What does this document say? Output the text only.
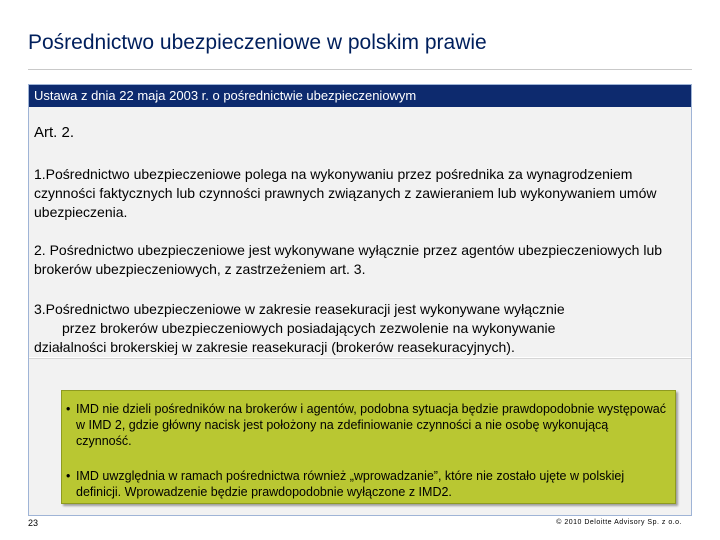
Pośrednictwo ubezpieczeniowe w polskim prawie
Ustawa z dnia 22 maja 2003 r. o pośrednictwie ubezpieczeniowym
Art. 2.
1.Pośrednictwo ubezpieczeniowe polega na wykonywaniu przez pośrednika za wynagrodzeniem czynności faktycznych lub czynności prawnych związanych z zawieraniem lub wykonywaniem umów ubezpieczenia.
2. Pośrednictwo ubezpieczeniowe jest wykonywane wyłącznie przez agentów ubezpieczeniowych lub brokerów ubezpieczeniowych, z zastrzeżeniem art. 3.
3.Pośrednictwo ubezpieczeniowe w zakresie reasekuracji jest wykonywane wyłącznie
przez brokerów ubezpieczeniowych posiadających zezwolenie na wykonywanie
działalności brokerskiej w zakresie reasekuracji (brokerów reasekuracyjnych).
• IMD nie dzieli pośredników na brokerów i agentów, podobna sytuacja będzie prawdopodobnie występować w IMD 2, gdzie główny nacisk jest położony na zdefiniowanie czynności a nie osobę wykonującą czynność.
• IMD uwzględnia w ramach pośrednictwa również „wprowadzanie”, które nie zostało ujęte w polskiej definicji. Wprowadzenie będzie prawdopodobnie wyłączone z IMD2.
23	© 2010 Deloitte Advisory Sp. z o.o.
